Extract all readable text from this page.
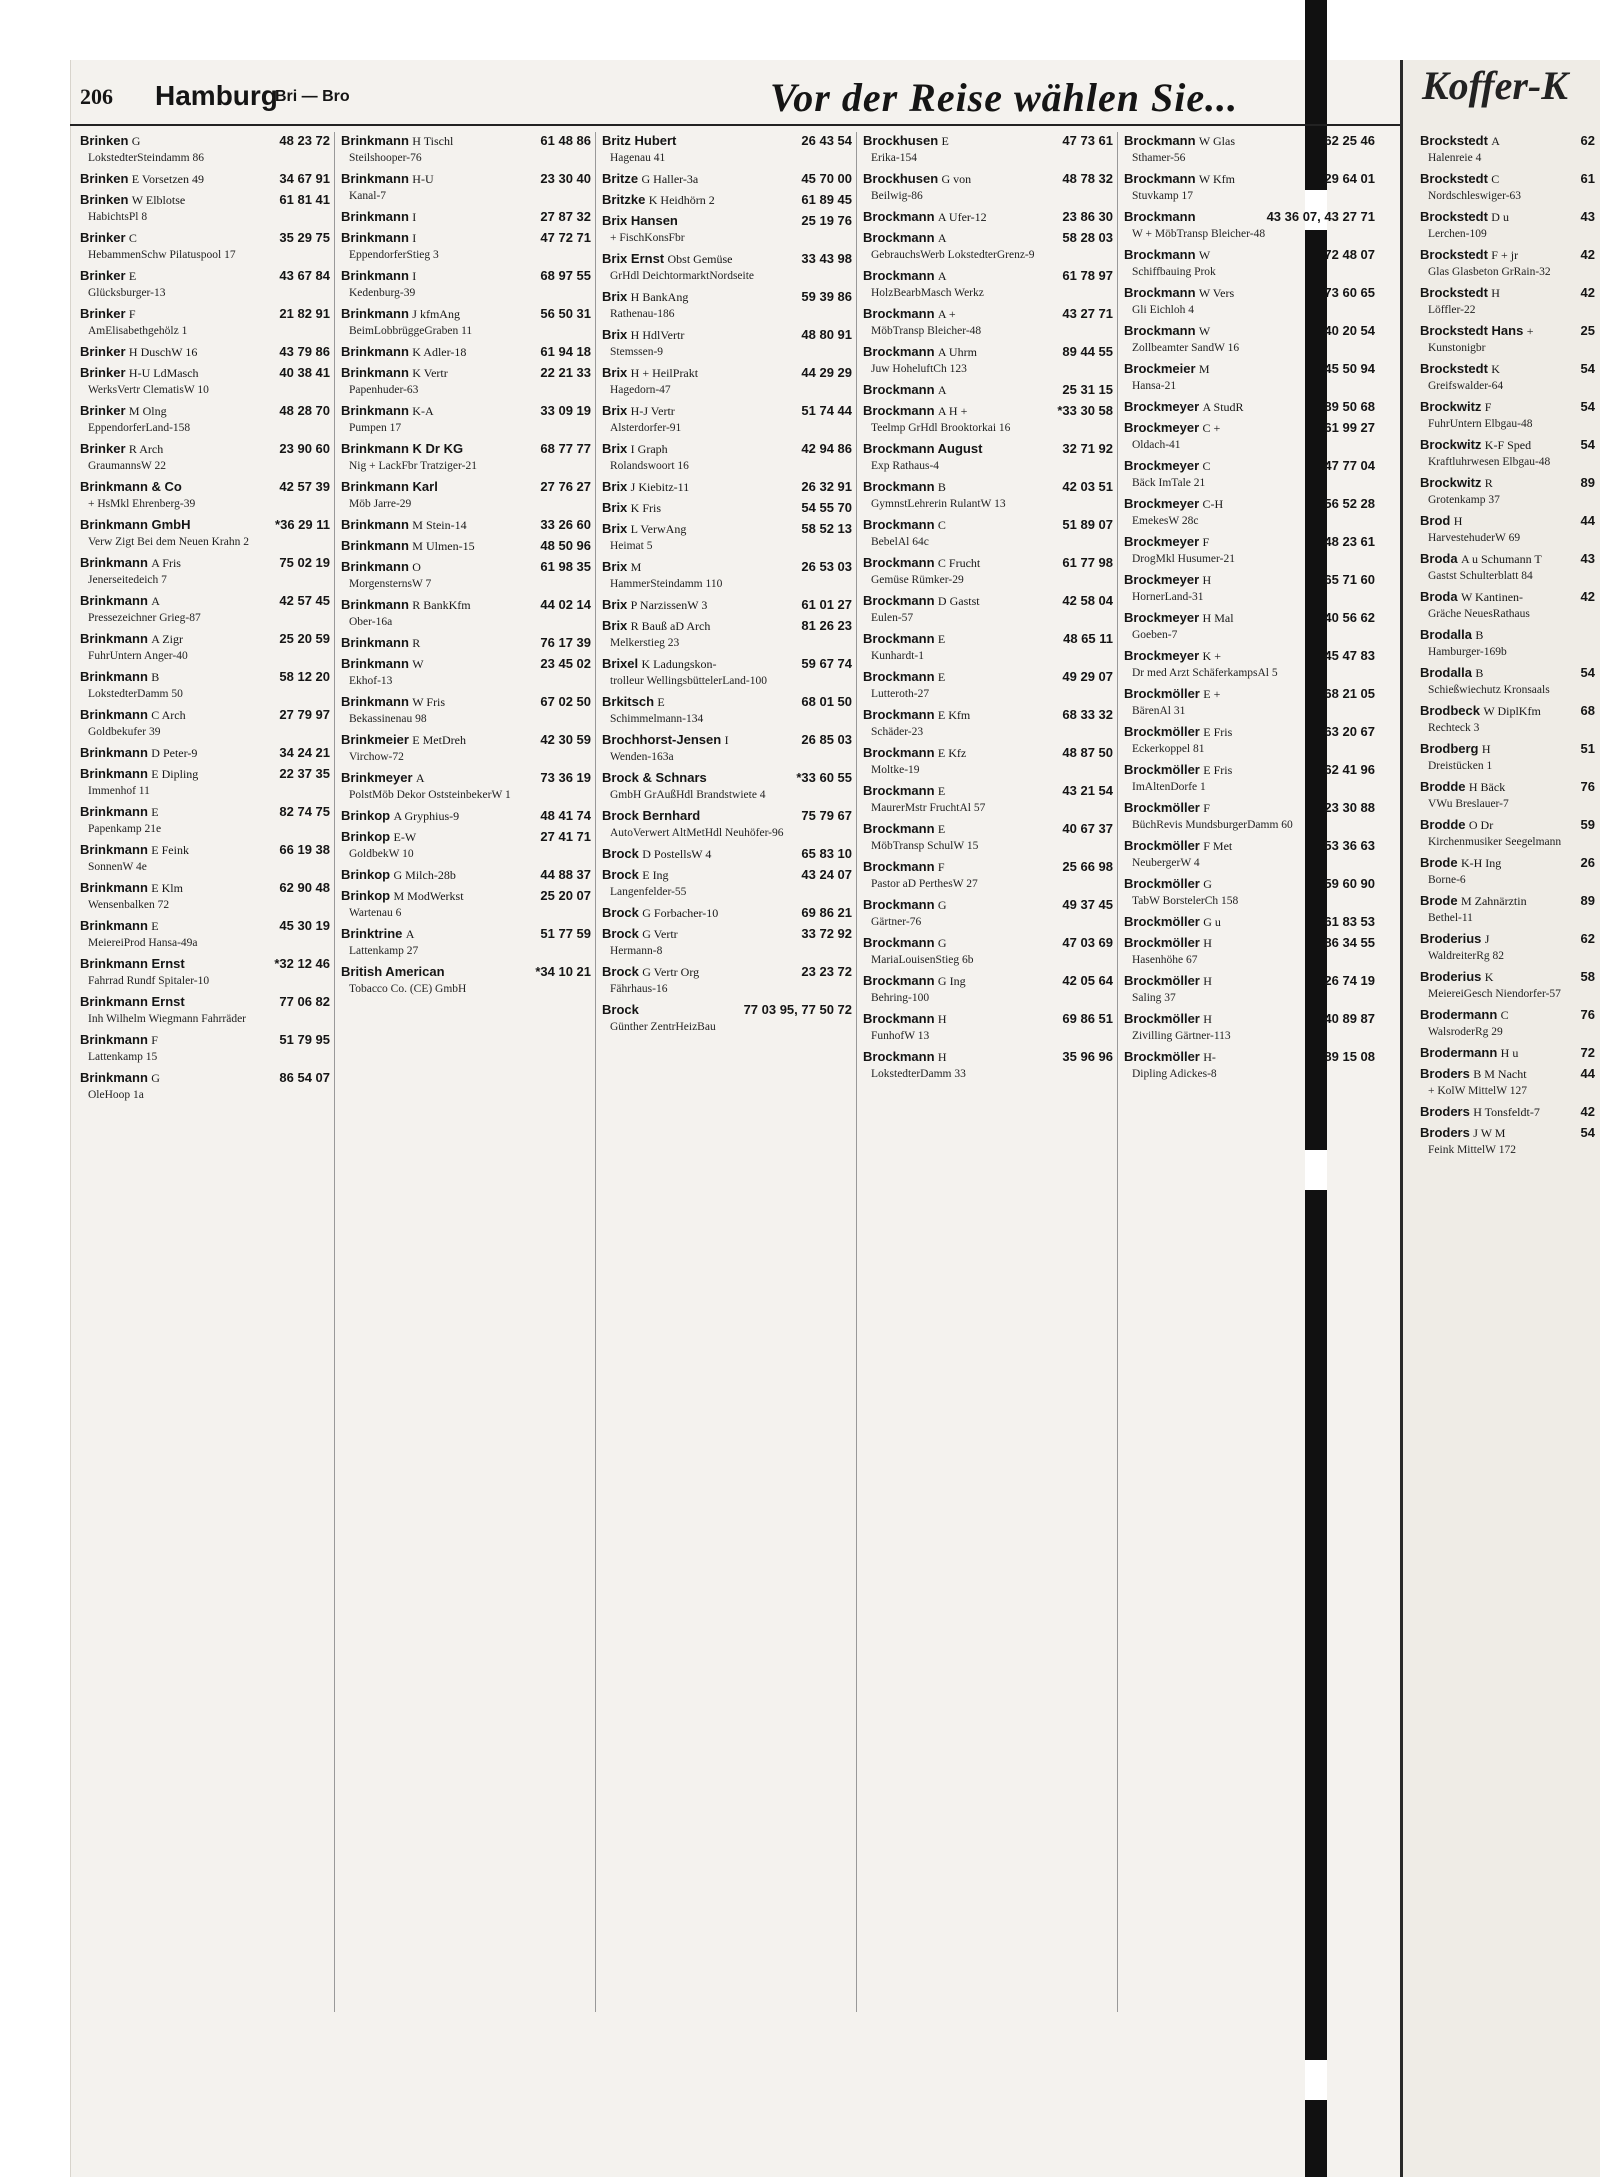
206 Hamburg
Bri — Bro	Vor der Reise wählen Sie...	Koffer-K
Brinken G	48 23 72
LokstedterSteindamm 86
Brinken E Vorsetzen 49	34 67 91
Brinken W Elblotse	61 81 41
HabichtsPl 8
Brinker C	35 29 75
HebammenSchw Pilatuspool 17
Brinker E	43 67 84
Glücksburger-13
Brinker F	21 82 91
AmElisabethgehölz 1
Brinker H DuschW 16	43 79 86
Brinker H-U LdMasch	40 38 41
WerksVertr ClematisW 10
Brinker M Olng	48 28 70
EppendorferLand-158
Brinker R Arch	23 90 60
GraumannsW 22
Brinkmann & Co	42 57 39
+ HsMkl Ehrenberg-39
Brinkmann GmbH	*36 29 11
Verw Zigt Bei dem Neuen Krahn 2
Brinkmann A Fris	75 02 19
Jenerseitedeich 7
Brinkmann A	42 57 45
Pressezeichner Grieg-87
Brinkmann A Zigr	25 20 59
FuhrUntern Anger-40
Brinkmann B	58 12 20
LokstedterDamm 50
Brinkmann C Arch	27 79 97
Goldbekufer 39
Brinkmann D Peter-9	34 24 21
Brinkmann E Dipling	22 37 35
Immenhof 11
Brinkmann E	82 74 75
Papenkamp 21e
Brinkmann E Feink	66 19 38
SonnenW 4e
Brinkmann E Klm	62 90 48
Wensenbalken 72
Brinkmann E	45 30 19
MeiereiProd Hansa-49a
Brinkmann Ernst	*32 12 46
Fahrrad Rundf Spitaler-10
Brinkmann Ernst	77 06 82
Inh Wilhelm Wiegmann Fahrräder
Brinkmann F	51 79 95
Lattenkamp 15
Brinkmann G	86 54 07
OleHoop 1a
Brinkmann H Tischl	61 48 86
Steilshooper-76
Brinkmann H-U	23 30 40
Kanal-7
Brinkmann I	27 87 32
Brinkmann I	47 72 71
EppendorferStieg 3
Brinkmann I	68 97 55
Kedenburg-39
Brinkmann J kfmAng	56 50 31
BeimLobbrüggeGraben 11
Brinkmann K Adler-18	61 94 18
Brinkmann K Vertr	22 21 33
Papenhuder-63
Brinkmann K-A	33 09 19
Pumpen 17
Brinkmann K Dr KG	68 77 77
Nig + LackFbr Tratziger-21
Brinkmann Karl	27 76 27
Möb Jarre-29
Brinkmann M Stein-14	33 26 60
Brinkmann M Ulmen-15	48 50 96
Brinkmann O	61 98 35
MorgensternsW 7
Brinkmann R BankKfm	44 02 14
Ober-16a
Brinkmann R	76 17 39
Brinkmann W	23 45 02
Ekhof-13
Brinkmann W Fris	67 02 50
Bekassinenau 98
Brinkmeier E MetDreh	42 30 59
Virchow-72
Brinkmeyer A	73 36 19
PolstMöb Dekor OststeinbekerW 1
Brinkop A Gryphius-9	48 41 74
Brinkop E-W	27 41 71
GoldbekW 10
Brinkop G Milch-28b	44 88 37
Brinkop M ModWerkst	25 20 07
Wartenau 6
Brinktrine A	51 77 59
Lattenkamp 27
British American	*34 10 21
Tobacco Co. (CE) GmbH
Britz Hubert	26 43 54
Hagenau 41
Britze G Haller-3a	45 70 00
Britzke K Heidhörn 2	61 89 45
Brix Hansen	25 19 76
+ FischKonsFbr
Brix Ernst Obst Gemüse	33 43 98
GrHdl DeichtormarktNordseite
Brix H BankAng	59 39 86
Rathenau-186
Brix H HdlVertr	48 80 91
Stemssen-9
Brix H + HeilPrakt	44 29 29
Hagedorn-47
Brix H-J Vertr	51 74 44
Alsterdorfer-91
Brix I Graph	42 94 86
Rolandswoort 16
Brix J Kiebitz-11	26 32 91
Brix K Fris	54 55 70
Brix L VerwAng	58 52 13
Heimat 5
Brix M	26 53 03
HammerSteindamm 110
Brix P NarzissenW 3	61 01 27
Brix R Bauß aD Arch	81 26 23
Melkerstieg 23
Brixel K Ladungskon-	59 67 74
trolleur WellingsbüttelerLand-100
Brkitsch E	68 01 50
Schimmelmann-134
Brochhorst-Jensen I	26 85 03
Wenden-163a
Brock & Schnars	*33 60 55
GmbH GrAußHdl Brandstwiete 4
Brock Bernhard	75 79 67
AutoVerwert AltMetHdl Neuhöfer-96
Brock D PostellsW 4	65 83 10
Brock E Ing	43 24 07
Langenfelder-55
Brock G Forbacher-10	69 86 21
Brock G Vertr	33 72 92
Hermann-8
Brock G Vertr Org	23 23 72
Fährhaus-16
Brock	77 03 95, 77 50 72
Günther ZentrHeizBau
Brockhusen E	47 73 61
Erika-154
Brockhusen G von	48 78 32
Beilwig-86
Brockmann A Ufer-12	23 86 30
Brockmann A	58 28 03
GebrauchsWerb LokstedterGrenz-9
Brockmann A	61 78 97
HolzBearbMasch Werkz
Brockmann A +	43 27 71
MöbTransp Bleicher-48
Brockmann A Uhrm	89 44 55
Juw HoheluftCh 123
Brockmann A	25 31 15
Brockmann A H +	*33 30 58
Teelmp GrHdl Brooktorkai 16
Brockmann August	32 71 92
Exp Rathaus-4
Brockmann B	42 03 51
GymnstLehrerin RulantW 13
Brockmann C	51 89 07
BebelAl 64c
Brockmann C Frucht	61 77 98
Gemüse Rümker-29
Brockmann D Gastst	42 58 04
Eulen-57
Brockmann E	48 65 11
Kunhardt-1
Brockmann E	49 29 07
Lutteroth-27
Brockmann E Kfm	68 33 32
Schäder-23
Brockmann E Kfz	48 87 50
Moltke-19
Brockmann E	43 21 54
MaurerMstr FruchtAl 57
Brockmann E	40 67 37
MöbTransp SchulW 15
Brockmann F	25 66 98
Pastor aD PerthesW 27
Brockmann G	49 37 45
Gärtner-76
Brockmann G	47 03 69
MariaLouisenStieg 6b
Brockmann G Ing	42 05 64
Behring-100
Brockmann H	69 86 51
FunhofW 13
Brockmann H	35 96 96
LokstedterDamm 33
Brockmann W Glas	62 25 46
Sthamer-56
Brockmann W Kfm	29 64 01
Stuvkamp 17
Brockmann	43 36 07, 43 27 71
W + MöbTransp Bleicher-48
Brockmann W	72 48 07
Schiffbauing Prok
Brockmann W Vers	73 60 65
Gli Eichloh 4
Brockmann W	40 20 54
Zollbeamter SandW 16
Brockmeier M	45 50 94
Hansa-21
Brockmeyer A StudR	89 50 68
Brockmeyer C +	61 99 27
Oldach-41
Brockmeyer C	47 77 04
Bäck ImTale 21
Brockmeyer C-H	56 52 28
EmekesW 28c
Brockmeyer F	48 23 61
DrogMkl Husumer-21
Brockmeyer H	65 71 60
HornerLand-31
Brockmeyer H Mal	40 56 62
Goeben-7
Brockmeyer K +	45 47 83
Dr med Arzt SchäferkampsAl 5
Brockmöller E +	68 21 05
BärenAl 31
Brockmöller E Fris	63 20 67
Eckerkoppel 81
Brockmöller E Fris	62 41 96
ImAltenDorfe 1
Brockmöller F	23 30 88
BüchRevis MundsburgerDamm 60
Brockmöller F Met	53 36 63
NeubergerW 4
Brockmöller G	59 60 90
TabW BorstelerCh 158
Brockmöller G u	61 83 53
Brockmöller H	86 34 55
Hasenhöhe 67
Brockmöller H	26 74 19
Saling 37
Brockmöller H	40 89 87
Zivilling Gärtner-113
Brockmöller H-	89 15 08
Dipling Adickes-8
Brockstedt A	62
Halenreie 4
Brockstedt C	61
Nordschleswiger-63
Brockstedt D u	43
Lerchen-109
Brockstedt F + jr	42
Glas Glasbeton GrRain-32
Brockstedt H	42
Löffler-22
Brockstedt Hans +	25
Kunstonigbr
Brockstedt K	54
Greifswalder-64
Brockwitz F	54
FuhrUntern Elbgau-48
Brockwitz K-F Sped	54
Kraftluhrwesen Elbgau-48
Brockwitz R	89
Grotenkamp 37
Brod H	44
HarvestehuderW 69
Broda A u Schumann T	43
Gastst Schulterblatt 84
Broda W Kantinen-	42
Gräche NeuesRathaus
Brodalla B
Hamburger-169b
Brodalla B	54
Schießwiechutz Kronsaals
Brodbeck W DiplKfm	68
Rechteck 3
Brodberg H	51
Dreistücken 1
Brodde H Bäck	76
VWu Breslauer-7
Brodde O Dr	59
Kirchenmusiker Seegelmann
Brode K-H Ing	26
Borne-6
Brode M Zahnärztin	89
Bethel-11
Broderius J	62
WaldreiterRg 82
Broderius K	58
MeiereiGesch Niendorfer-57
Brodermann C	76
WalsroderRg 29
Brodermann H u	72
Broders B M Nacht	44
+ KolW MittelW 127
Broders H Tonsfeldt-7	42
Broders J W M	54
Feink MittelW 172
